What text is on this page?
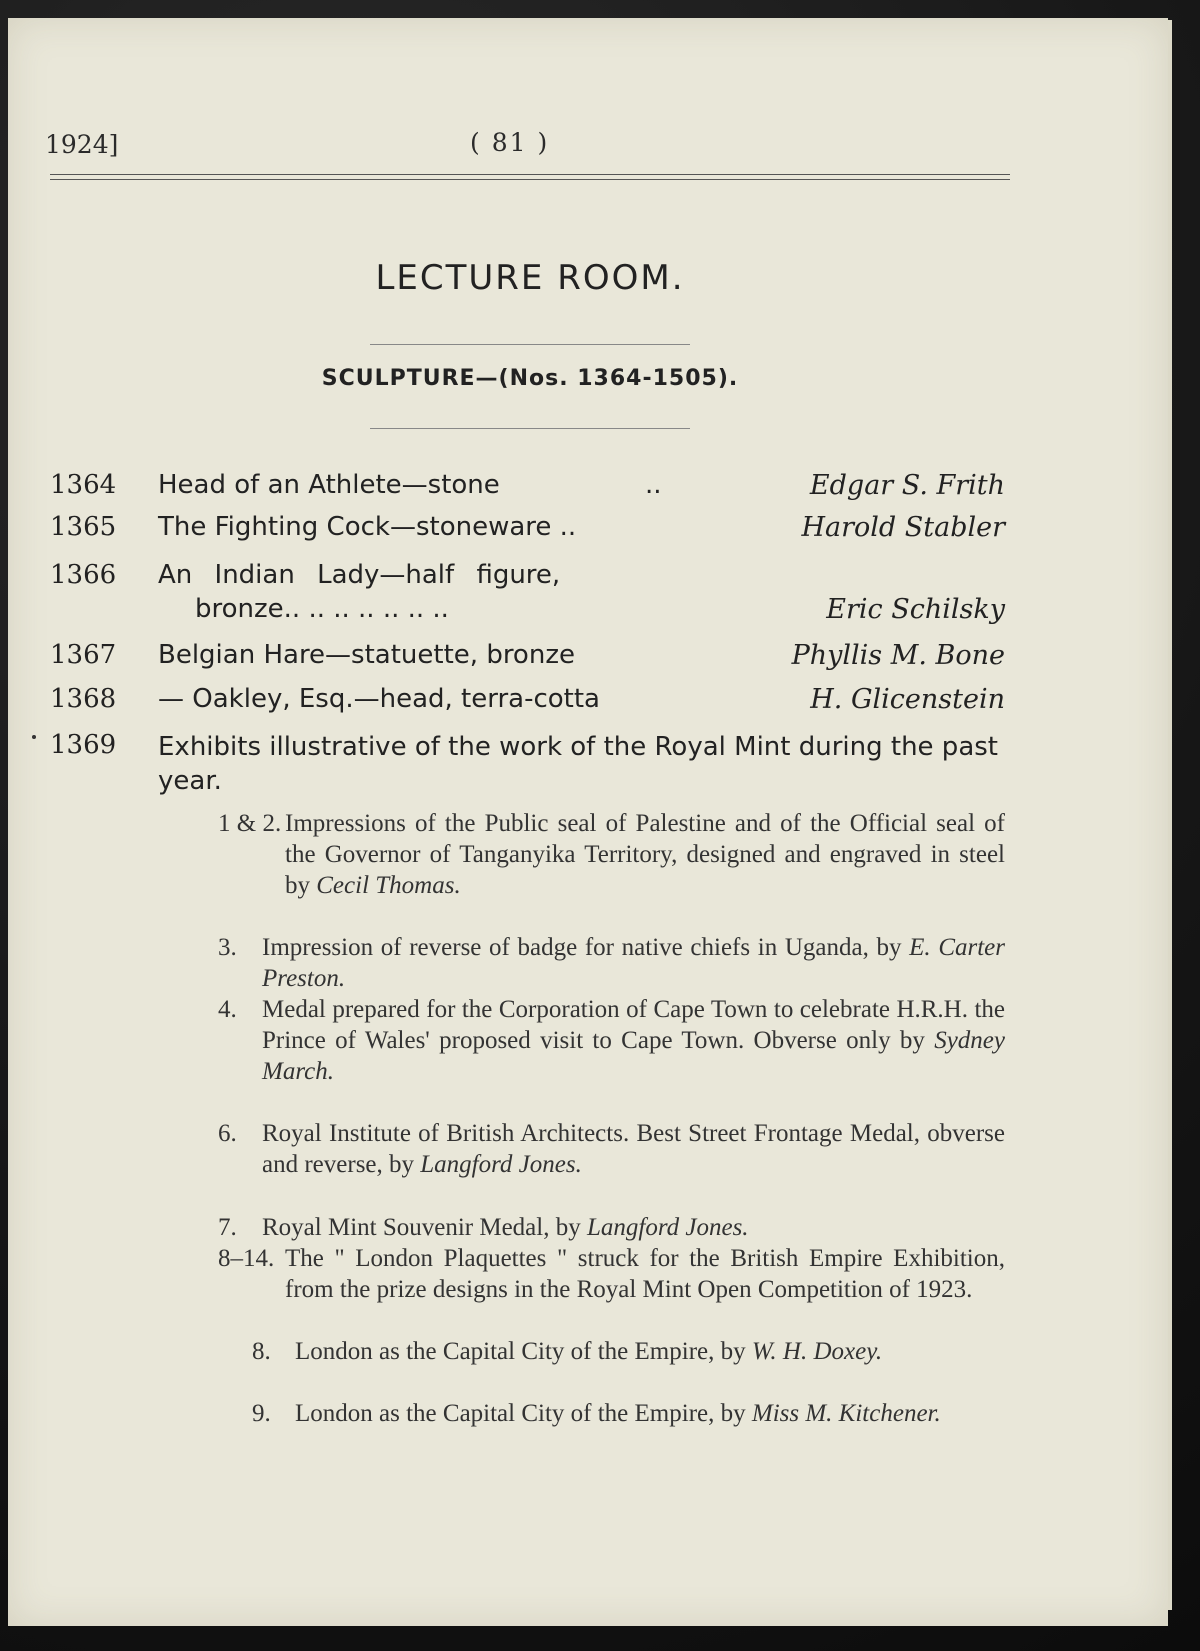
1924]	( 81 )
LECTURE ROOM.
SCULPTURE—(Nos. 1364-1505).
1364 Head of an Athlete—stone	..	Edgar S. Frith
1365 The Fighting Cock—stoneware ..	Harold Stabler
1366 An Indian Lady—half figure,
bronze.. .. .. .. .. .. ..	Eric Schilsky
1367 Belgian Hare—statuette, bronze	Phyllis M. Bone
1368 — Oakley, Esq.—head, terra-cotta	H. Glicenstein
1369 Exhibits illustrative of the work of the Royal Mint during the past year.
1 & 2. Impressions of the Public seal of Palestine and of the Official seal of the Governor of Tanganyika Territory, designed and engraved in steel by Cecil Thomas.
3. Impression of reverse of badge for native chiefs in Uganda, by E. Carter Preston.
4. Medal prepared for the Corporation of Cape Town to celebrate H.R.H. the Prince of Wales' proposed visit to Cape Town. Obverse only by Sydney March.
6. Royal Institute of British Architects. Best Street Frontage Medal, obverse and reverse, by Langford Jones.
7. Royal Mint Souvenir Medal, by Langford Jones.
8–14. The " London Plaquettes " struck for the British Empire Exhibition, from the prize designs in the Royal Mint Open Competition of 1923.
8. London as the Capital City of the Empire, by W. H. Doxey.
9. London as the Capital City of the Empire, by Miss M. Kitchener.
